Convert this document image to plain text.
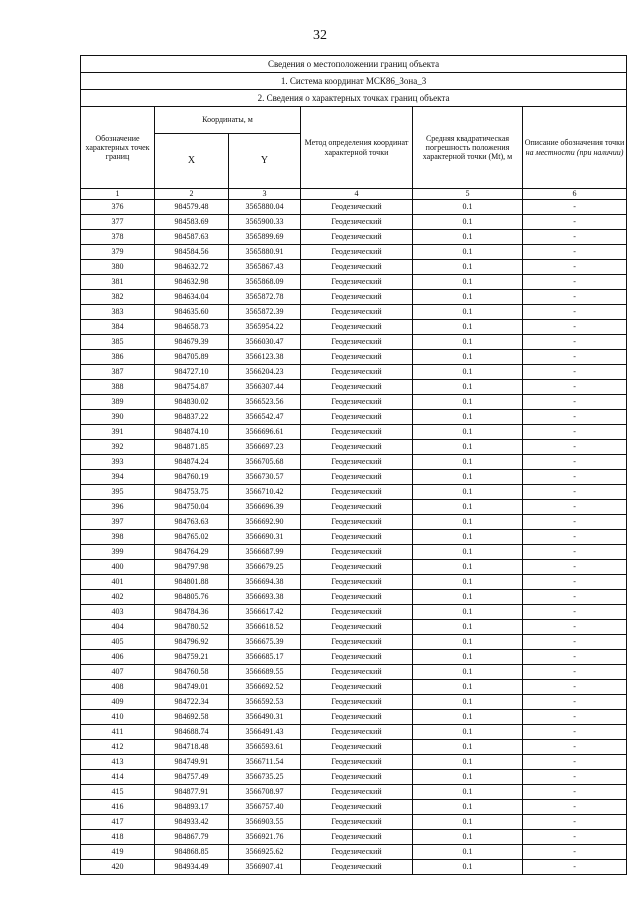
32
Сведения о местоположении границ объекта					
1. Система координат МСК86_Зона_3					
2. Сведения о характерных точках границ объекта					
Обозначение характерных точек границ	Координаты, м		Метод определения координат характерной точки	Средняя квадратическая погрешность положения характерной точки (Mt), м	Описание обозначения точки на местности (при наличии)
	X	Y			
1	2	3	4	5	6
376	984579.48	3565880.04	Геодезический	0.1	-
377	984583.69	3565900.33	Геодезический	0.1	-
378	984587.63	3565899.69	Геодезический	0.1	-
379	984584.56	3565880.91	Геодезический	0.1	-
380	984632.72	3565867.43	Геодезический	0.1	-
381	984632.98	3565868.09	Геодезический	0.1	-
382	984634.04	3565872.78	Геодезический	0.1	-
383	984635.60	3565872.39	Геодезический	0.1	-
384	984658.73	3565954.22	Геодезический	0.1	-
385	984679.39	3566030.47	Геодезический	0.1	-
386	984705.89	3566123.38	Геодезический	0.1	-
387	984727.10	3566204.23	Геодезический	0.1	-
388	984754.87	3566307.44	Геодезический	0.1	-
389	984830.02	3566523.56	Геодезический	0.1	-
390	984837.22	3566542.47	Геодезический	0.1	-
391	984874.10	3566696.61	Геодезический	0.1	-
392	984871.85	3566697.23	Геодезический	0.1	-
393	984874.24	3566705.68	Геодезический	0.1	-
394	984760.19	3566730.57	Геодезический	0.1	-
395	984753.75	3566710.42	Геодезический	0.1	-
396	984750.04	3566696.39	Геодезический	0.1	-
397	984763.63	3566692.90	Геодезический	0.1	-
398	984765.02	3566690.31	Геодезический	0.1	-
399	984764.29	3566687.99	Геодезический	0.1	-
400	984797.98	3566679.25	Геодезический	0.1	-
401	984801.88	3566694.38	Геодезический	0.1	-
402	984805.76	3566693.38	Геодезический	0.1	-
403	984784.36	3566617.42	Геодезический	0.1	-
404	984780.52	3566618.52	Геодезический	0.1	-
405	984796.92	3566675.39	Геодезический	0.1	-
406	984759.21	3566685.17	Геодезический	0.1	-
407	984760.58	3566689.55	Геодезический	0.1	-
408	984749.01	3566692.52	Геодезический	0.1	-
409	984722.34	3566592.53	Геодезический	0.1	-
410	984692.58	3566490.31	Геодезический	0.1	-
411	984688.74	3566491.43	Геодезический	0.1	-
412	984718.48	3566593.61	Геодезический	0.1	-
413	984749.91	3566711.54	Геодезический	0.1	-
414	984757.49	3566735.25	Геодезический	0.1	-
415	984877.91	3566708.97	Геодезический	0.1	-
416	984893.17	3566757.40	Геодезический	0.1	-
417	984933.42	3566903.55	Геодезический	0.1	-
418	984867.79	3566921.76	Геодезический	0.1	-
419	984868.85	3566925.62	Геодезический	0.1	-
420	984934.49	3566907.41	Геодезический	0.1	-
